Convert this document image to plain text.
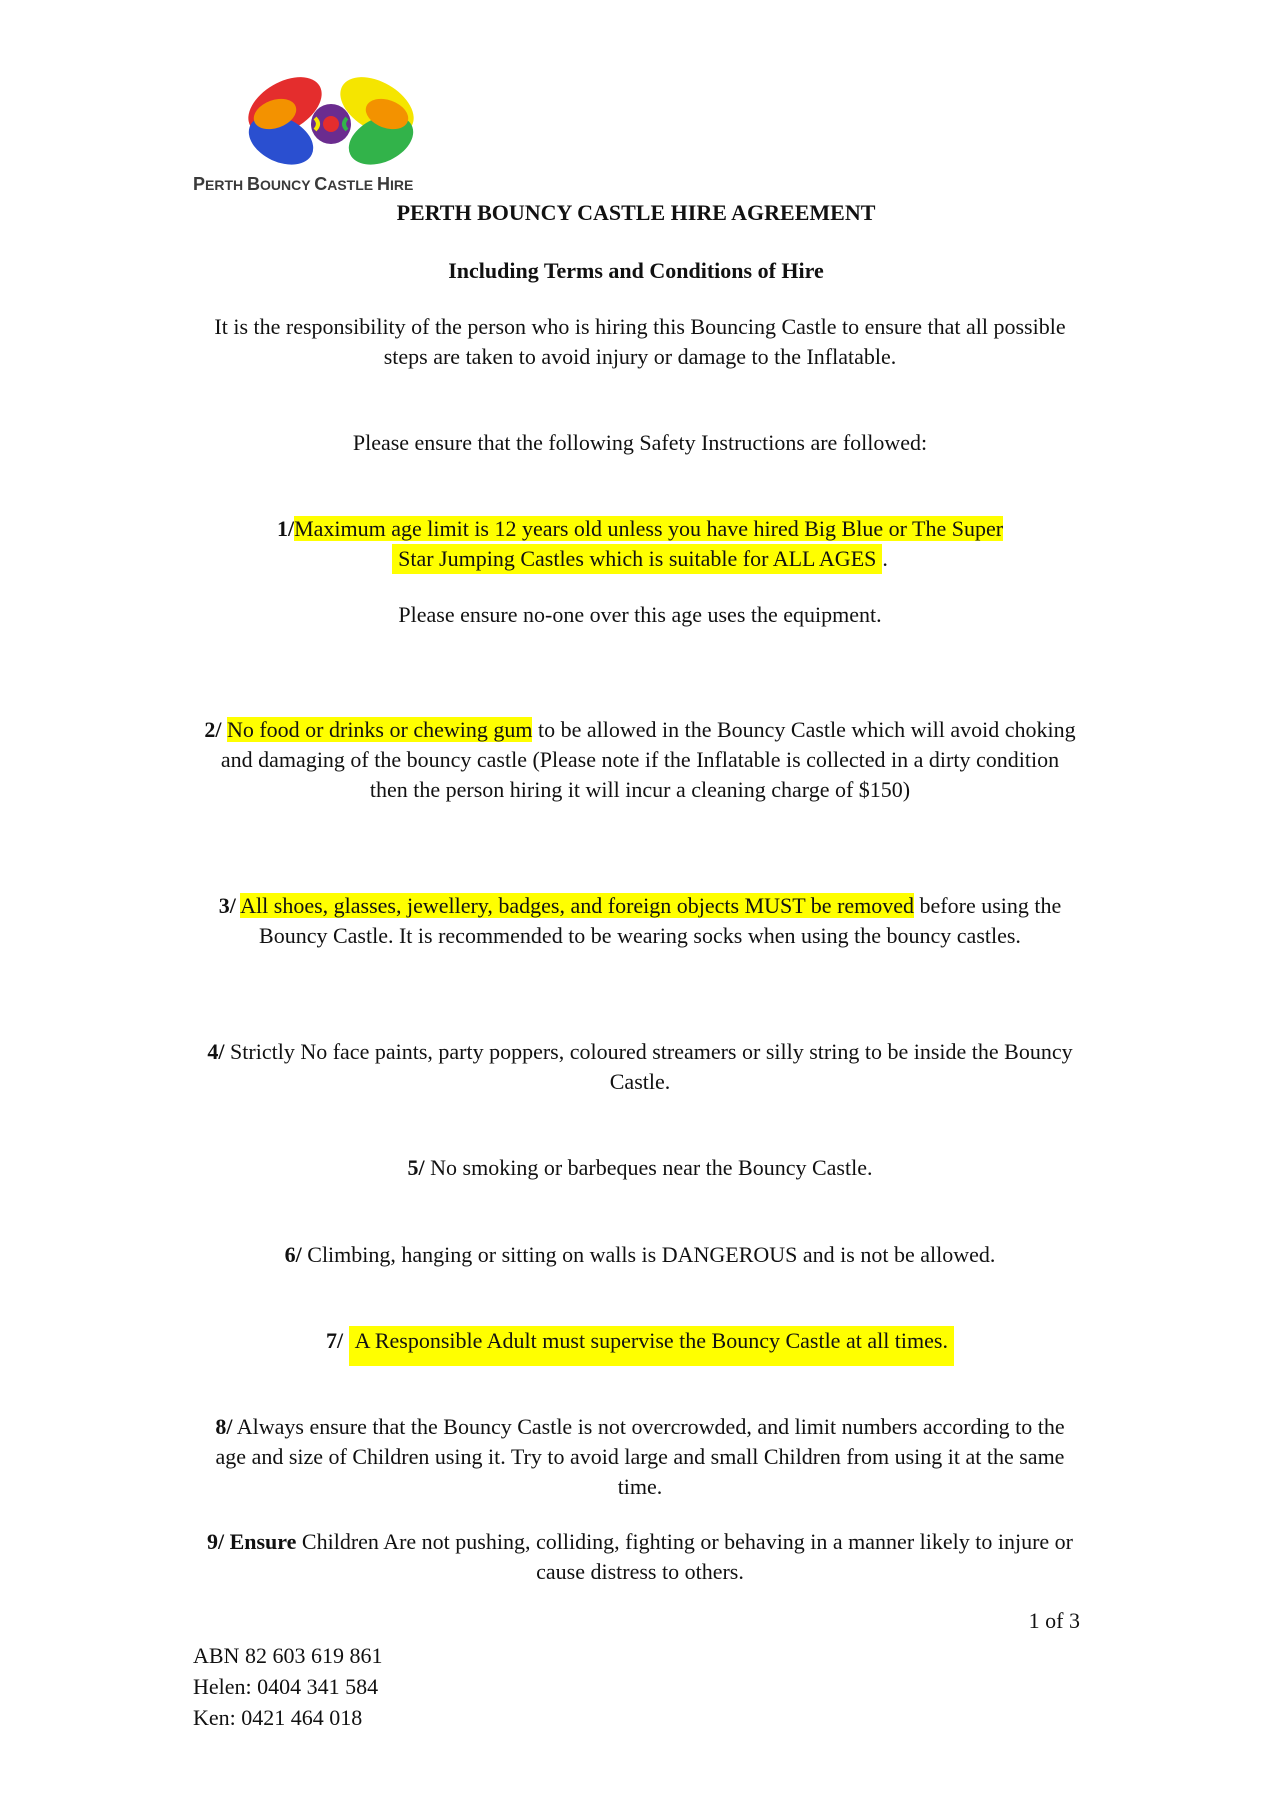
PERTH BOUNCY CASTLE HIRE
PERTH BOUNCY CASTLE HIRE AGREEMENT
Including Terms and Conditions of Hire
It is the responsibility of the person who is hiring this Bouncing Castle to ensure that all possible steps are taken to avoid injury or damage to the Inflatable.
Please ensure that the following Safety Instructions are followed:
1/Maximum age limit is 12 years old unless you have hired Big Blue or The Super
Star Jumping Castles which is suitable for ALL AGES .
Please ensure no-one over this age uses the equipment.
2/ No food or drinks or chewing gum to be allowed in the Bouncy Castle which will avoid choking and damaging of the bouncy castle (Please note if the Inflatable is collected in a dirty condition then the person hiring it will incur a cleaning charge of $150)
3/ All shoes, glasses, jewellery, badges, and foreign objects MUST be removed before using the Bouncy Castle. It is recommended to be wearing socks when using the bouncy castles.
4/ Strictly No face paints, party poppers, coloured streamers or silly string to be inside the Bouncy Castle.
5/ No smoking or barbeques near the Bouncy Castle.
6/ Climbing, hanging or sitting on walls is DANGEROUS and is not be allowed.
7/ A Responsible Adult must supervise the Bouncy Castle at all times.
8/ Always ensure that the Bouncy Castle is not overcrowded, and limit numbers according to the age and size of Children using it. Try to avoid large and small Children from using it at the same time.
9/ Ensure Children Are not pushing, colliding, fighting or behaving in a manner likely to injure or cause distress to others.
1 of 3
ABN 82 603 619 861
Helen: 0404 341 584
Ken: 0421 464 018
